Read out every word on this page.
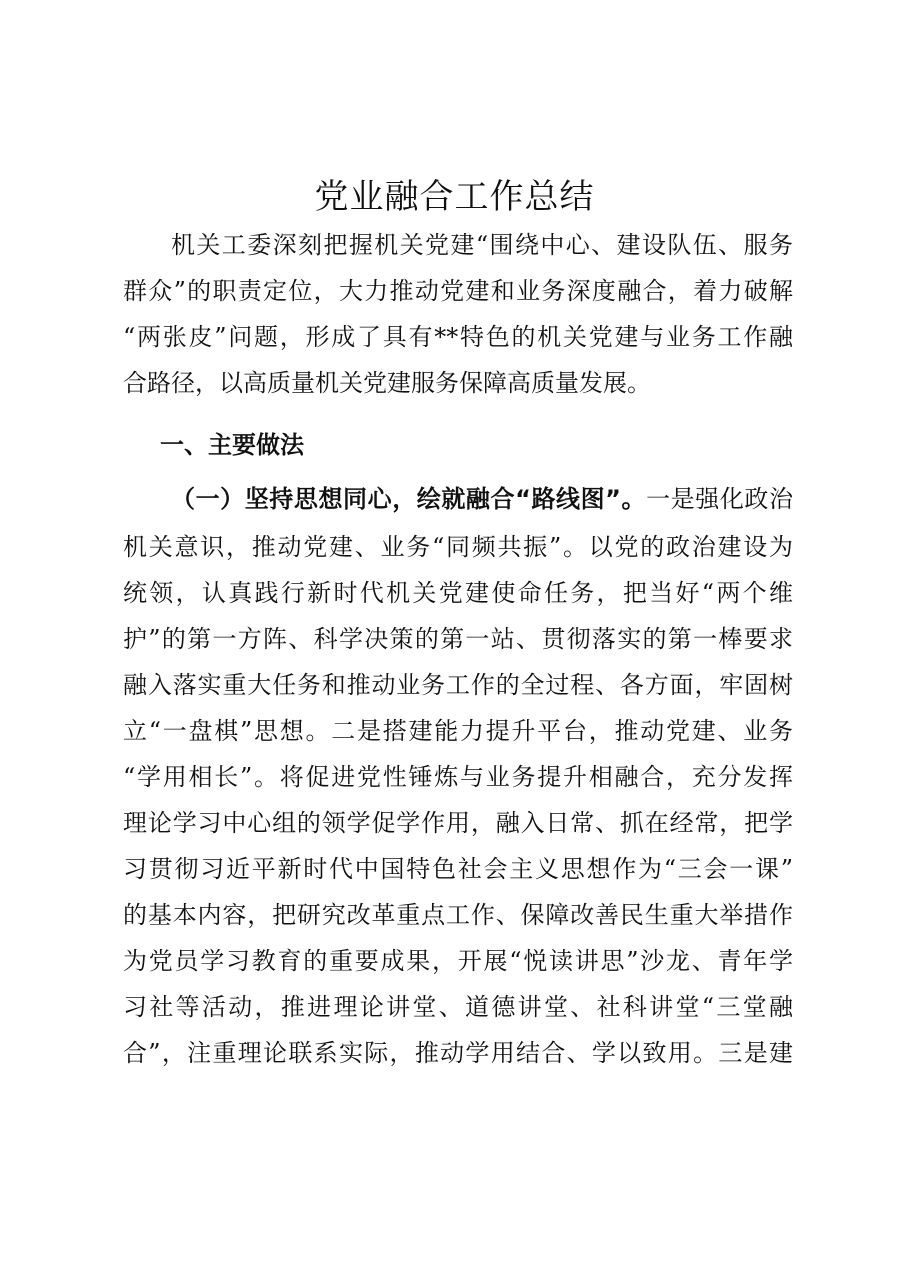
党业融合工作总结
机关工委深刻把握机关党建“围绕中心、建设队伍、服务
群众”的职责定位，大力推动党建和业务深度融合，着力破解
“两张皮”问题，形成了具有**特色的机关党建与业务工作融
合路径，以高质量机关党建服务保障高质量发展。
一、主要做法
（一）坚持思想同心，绘就融合“路线图”。一是强化政治
机关意识，推动党建、业务“同频共振”。以党的政治建设为
统领，认真践行新时代机关党建使命任务，把当好“两个维
护”的第一方阵、科学决策的第一站、贯彻落实的第一棒要求
融入落实重大任务和推动业务工作的全过程、各方面，牢固树
立“一盘棋”思想。二是搭建能力提升平台，推动党建、业务
“学用相长”。将促进党性锤炼与业务提升相融合，充分发挥
理论学习中心组的领学促学作用，融入日常、抓在经常，把学
习贯彻习近平新时代中国特色社会主义思想作为“三会一课”
的基本内容，把研究改革重点工作、保障改善民生重大举措作
为党员学习教育的重要成果，开展“悦读讲思”沙龙、青年学
习社等活动，推进理论讲堂、道德讲堂、社科讲堂“三堂融
合”，注重理论联系实际，推动学用结合、学以致用。三是建
